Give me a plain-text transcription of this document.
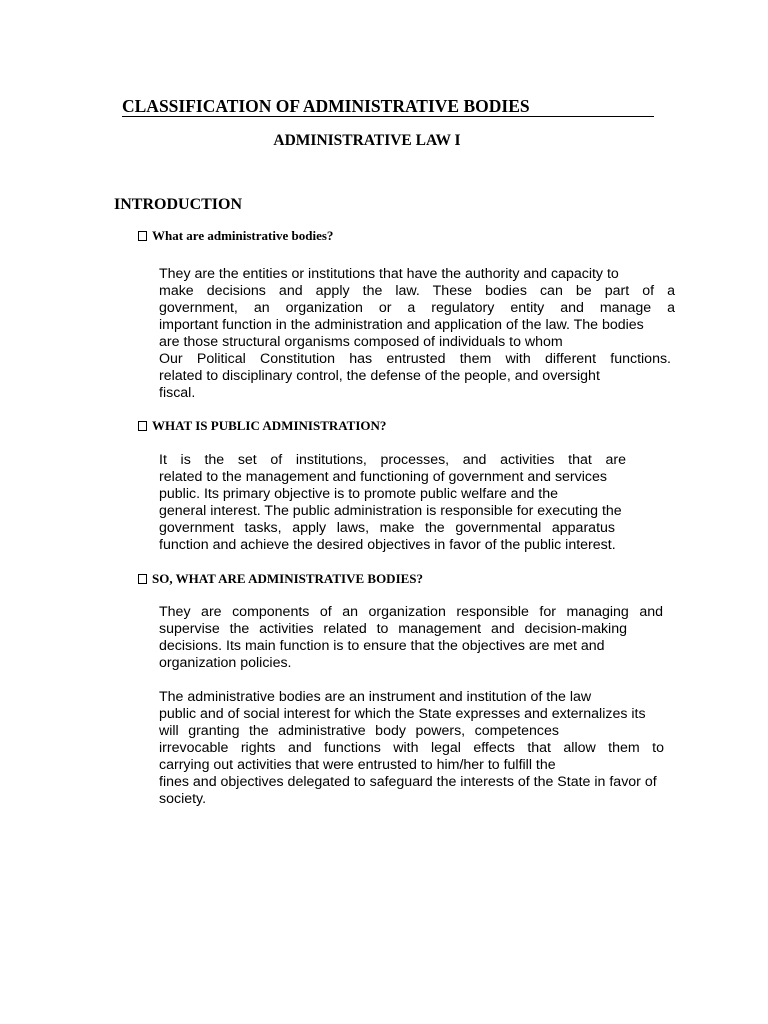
CLASSIFICATION OF ADMINISTRATIVE BODIES
ADMINISTRATIVE LAW I
INTRODUCTION
What are administrative bodies?
They are the entities or institutions that have the authority and capacity to
make decisions and apply the law. These bodies can be part of a
government, an organization or a regulatory entity and manage a
important function in the administration and application of the law. The bodies
are those structural organisms composed of individuals to whom
Our Political Constitution has entrusted them with different functions.
related to disciplinary control, the defense of the people, and oversight
fiscal.
WHAT IS PUBLIC ADMINISTRATION?
It is the set of institutions, processes, and activities that are
related to the management and functioning of government and services
public. Its primary objective is to promote public welfare and the
general interest. The public administration is responsible for executing the
government tasks, apply laws, make the governmental apparatus
function and achieve the desired objectives in favor of the public interest.
SO, WHAT ARE ADMINISTRATIVE BODIES?
They are components of an organization responsible for managing and
supervise the activities related to management and decision-making
decisions. Its main function is to ensure that the objectives are met and
organization policies.
The administrative bodies are an instrument and institution of the law
public and of social interest for which the State expresses and externalizes its
will granting the administrative body powers, competences
irrevocable rights and functions with legal effects that allow them to
carrying out activities that were entrusted to him/her to fulfill the
fines and objectives delegated to safeguard the interests of the State in favor of
society.
